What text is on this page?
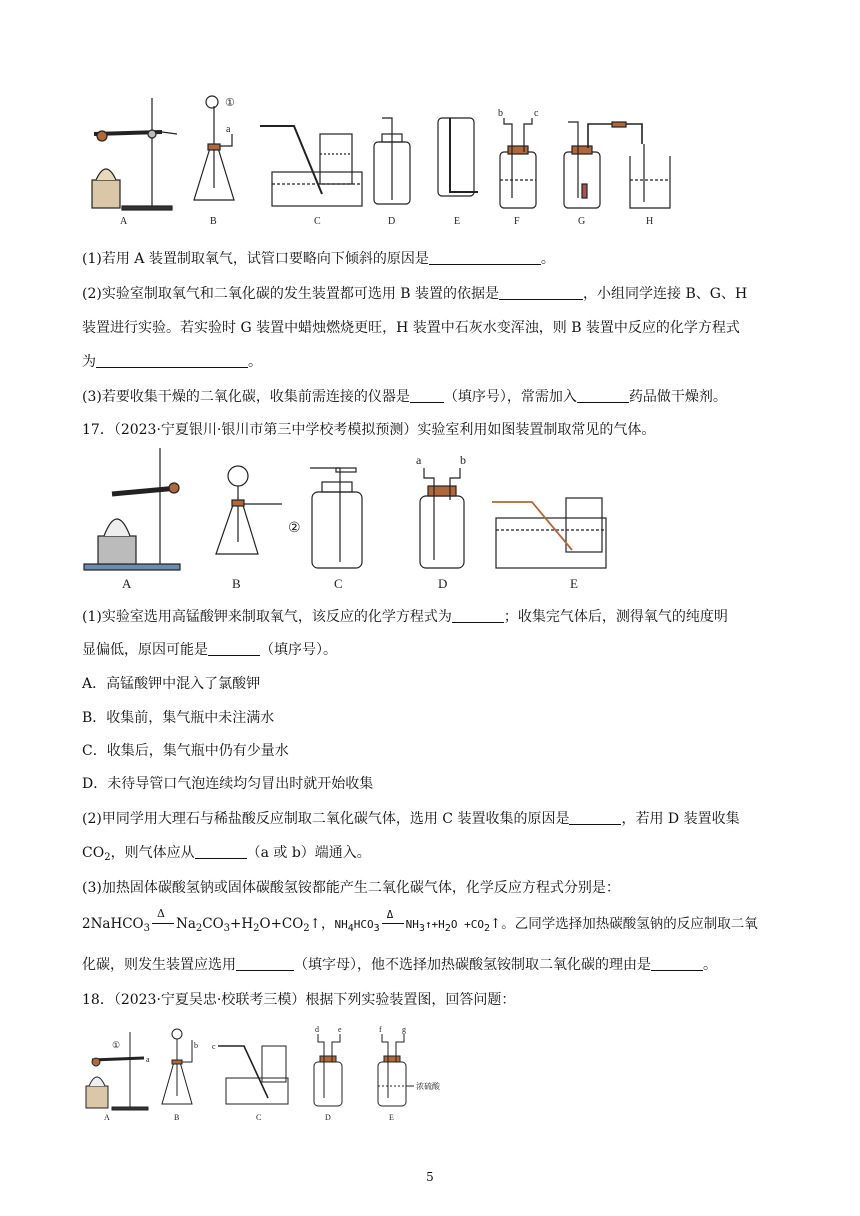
①
a
b	c
A	B	C	D	E	F	G	H
(1)若用 A 装置制取氧气，试管口要略向下倾斜的原因是	。
(2)实验室制取氧气和二氧化碳的发生装置都可选用 B 装置的依据是	，小组同学连接 B、G、H
装置进行实验。若实验时 G 装置中蜡烛燃烧更旺，H 装置中石灰水变浑浊，则 B 装置中反应的化学方程式
为	。
(3)若要收集干燥的二氧化碳，收集前需连接的仪器是 （填序号），常需加入	药品做干燥剂。
17．（2023·宁夏银川·银川市第三中学校考模拟预测）实验室利用如图装置制取常见的气体。
②
a	b
A	B	C	D	E
(1)实验室选用高锰酸钾来制取氧气，该反应的化学方程式为	；收集完气体后，测得氧气的纯度明
显偏低，原因可能是	（填序号）。
A．高锰酸钾中混入了氯酸钾
B．收集前，集气瓶中未注满水
C．收集后，集气瓶中仍有少量水
D．未待导管口气泡连续均匀冒出时就开始收集
(2)甲同学用大理石与稀盐酸反应制取二氧化碳气体，选用 C 装置收集的原因是	，若用 D 装置收集
$CO_2$，则气体应从	（a 或 b）端通入。
(3)加热固体碳酸氢钠或固体碳酸氢铵都能产生二氧化碳气体，化学反应方程式分别是：
2NaHCO$_3$
Δ
$Na_2CO_3+H_2O+CO_2↑$，NH4HCO3
Δ
NH3↑+H2O +CO2↑。乙同学选择加热碳酸氢钠的反应制取二氧
化碳，则发生装置应选用	（填字母），他不选择加热碳酸氢铵制取二氧化碳的理由是	。
18．（2023·宁夏吴忠·校联考三模）根据下列实验装置图，回答问题：
①
a
b c
d e	f	g
浓硫酸
A	B	C	D	E
5
